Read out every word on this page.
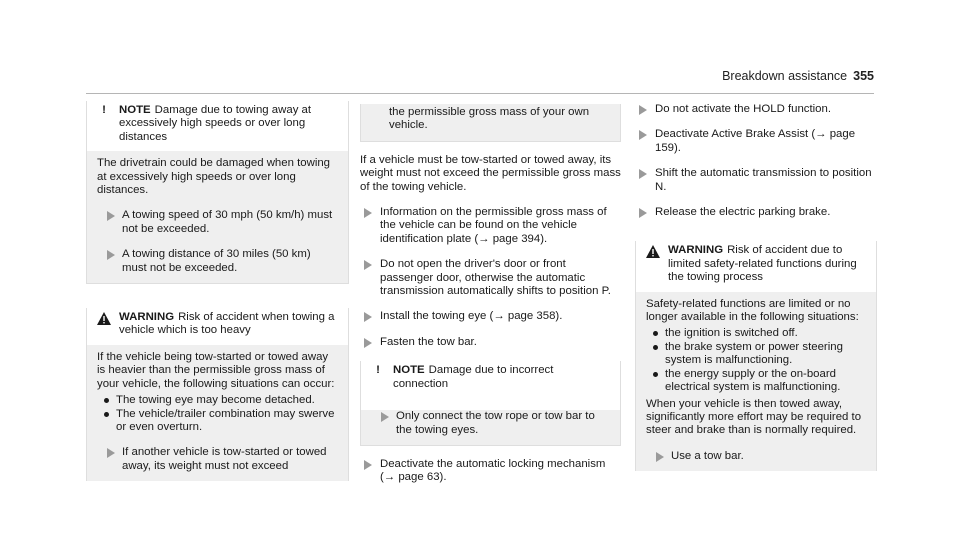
Breakdown assistance 355
!	NOTE Damage due to towing away at excessively high speeds or over long distances

The drivetrain could be damaged when towing at excessively high speeds or over long distances.

A towing speed of 30 mph (50 km/h) must not be exceeded.

A towing distance of 30 miles (50 km) must not be exceeded.

WARNING Risk of accident when towing a vehicle which is too heavy

If the vehicle being tow-started or towed away is heavier than the permissible gross mass of your vehicle, the following situations can occur:

The towing eye may become detached.
The vehicle/trailer combination may swerve or even overturn.

If another vehicle is tow-started or towed away, its weight must not exceed

the permissible gross mass of your own vehicle.

If a vehicle must be tow-started or towed away, its weight must not exceed the permissible gross mass of the towing vehicle.

Information on the permissible gross mass of the vehicle can be found on the vehicle identification plate (→ page 394).

Do not open the driver's door or front passenger door, otherwise the automatic transmission automatically shifts to position P.

Install the towing eye (→ page 358).

Fasten the tow bar.

!	NOTE Damage due to incorrect connection

Only connect the tow rope or tow bar to the towing eyes.

Deactivate the automatic locking mechanism (→ page 63).

Do not activate the HOLD function.

Deactivate Active Brake Assist (→ page 159).

Shift the automatic transmission to position N.

Release the electric parking brake.

WARNING Risk of accident due to limited safety-related functions during the towing process

Safety-related functions are limited or no longer available in the following situations:

the ignition is switched off.
the brake system or power steering system is malfunctioning.
the energy supply or the on-board electrical system is malfunctioning.

When your vehicle is then towed away, significantly more effort may be required to steer and brake than is normally required.

Use a tow bar.
